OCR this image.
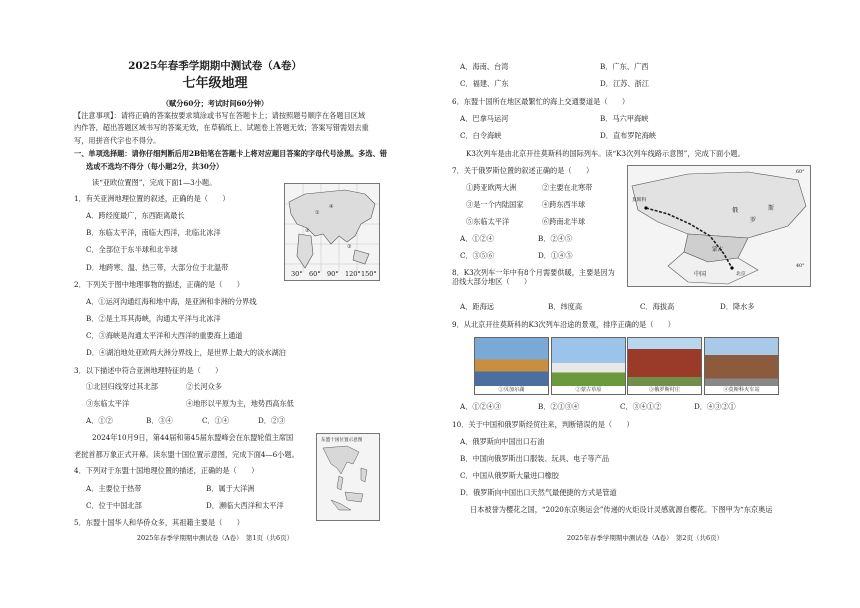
2025年春季学期期中测试卷（A卷）
七年级地理
（赋分60分；考试时间60分钟）
【注意事项】：请将正确的答案按要求填涂或书写在答题卡上；请按照题号顺序在各题目区域
内作答，超出答题区域书写的答案无效，在草稿纸上、试题卷上答题无效；答案写错需划去重
写，用拼音代字也不得分。
一、单项选择题：请你仔细判断后用2B铅笔在答题卡上将对应题目答案的字母代号涂黑。多选、错
选或不选均不得分（每小题2分，共30分）
读“亚欧位置图”，完成下面1—3小题。
①
②
③
④
30° 60° 90° 120° 150°
1．有关亚洲地理位置的叙述，正确的是（　　）
A．跨经度最广，东西距离最长
B．东临太平洋，南临大西洋，北临北冰洋
C．全部位于东半球和北半球
D．地跨寒、温、热三带，大部分位于北温带
2．下列关于图中地理事物的描述，正确的是（　　）
A．①运河沟通红海和地中海，是亚洲和非洲的分界线
B．②是土耳其海峡，沟通太平洋与北冰洋
C．③海峡是沟通太平洋和大西洋的重要海上通道
D．④湖泊地处亚欧两大洲分界线上，是世界上最大的淡水湖泊
3．以下描述中符合亚洲地理特征的是（　　）
①北回归线穿过其北部	②长河众多
③东临太平洋	④地形以平原为主，地势西高东低
A．①②	B．③④	C．①④	D．②③
2024年10月9日，第44届和第45届东盟峰会在东盟轮值主席国
老挝首都万象正式开幕。读东盟十国位置示意图，完成下面4—6小题。
东盟十国位置示意图
4．下列对于东盟十国地理位置的描述，正确的是（　　）
A．主要位于热带	B．属于大洋洲
C．位于中国北部	D．濒临大西洋和太平洋
5．东盟十国华人和华侨众多，其祖籍主要是（　　）
2025年春季学期期中测试卷（A卷）　第1页（共6页）
A．海南、台湾	B．广东、广西
C．福建、广东	D．江苏、浙江
6．东盟十国所在地区最繁忙的海上交通要道是（　　）
A．巴拿马运河	B．马六甲海峡
C．白令海峡	D．直布罗陀海峡
K3次列车是由北京开往莫斯科的国际列车。读“K3次列车线路示意图”，完成下面小题。
俄
罗
斯
蒙古
中国
莫斯科
北京
60°
40°
7．关于俄罗斯位置的叙述正确的是（　　）
①跨亚欧两大洲	②主要在北寒带
③是一个内陆国家	④跨东西半球
⑤东临太平洋	⑥跨南北半球
A．①②④	B．②④⑤
C．③⑤⑥	D．①④⑤
8．K3次列车一年中有8个月需要供暖，主要是因为沿线大部分地区（　　）
A．距海远	B．纬度高	C．海拔高	D．降水多
9．从北京开往莫斯科的K3次列车沿途的景观，排序正确的是（　　）
①贝加尔湖	②蒙古草原	③俄罗斯村庄	④莫斯科火车站
A．①②④③	B．②①③④	C．③④①②	D．④③②①
10．关于中国和俄罗斯经贸往来，判断错误的是（　　）
A．俄罗斯向中国出口石油
B．中国向俄罗斯出口服装、玩具、电子等产品
C．中国从俄罗斯大量进口橡胶
D．俄罗斯向中国出口天然气最便捷的方式是管道
日本被誉为樱花之国，“2020东京奥运会”传递的火炬设计灵感就源自樱花。下图甲为“东京奥运
2025年春季学期期中测试卷（A卷）　第2页（共6页）
